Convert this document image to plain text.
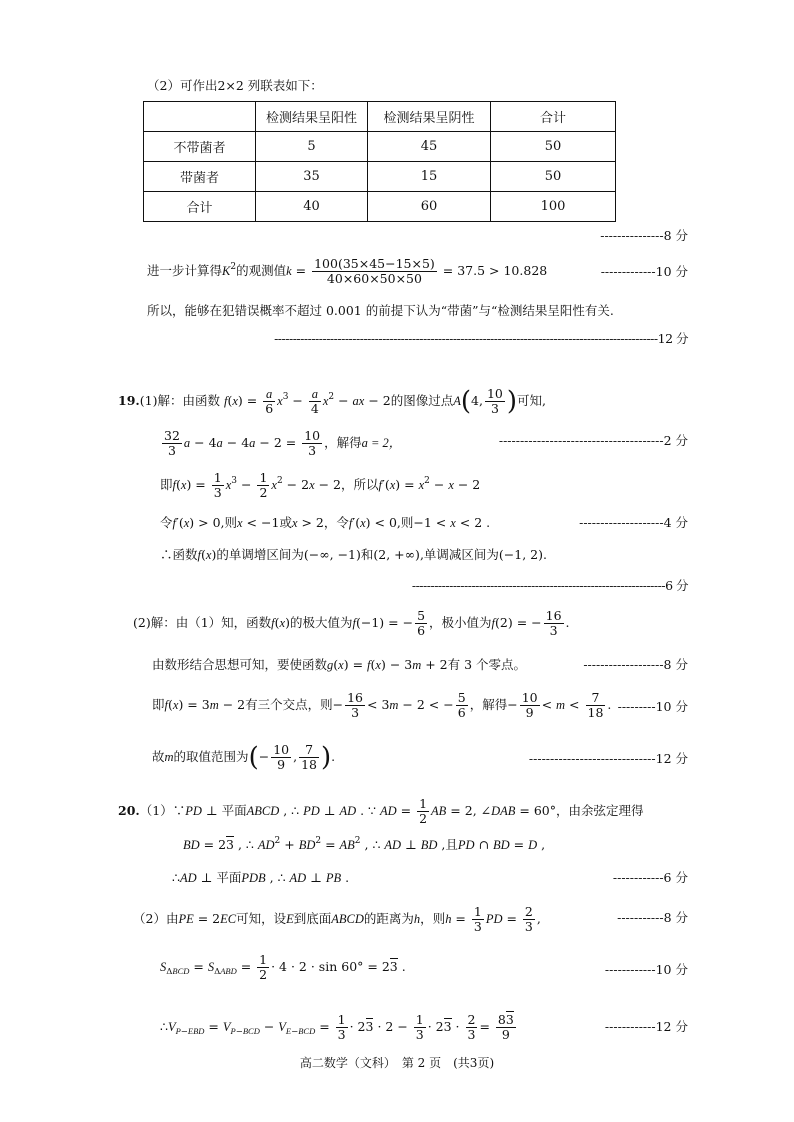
（2）可作出2×2 列联表如下：
	检测结果呈阳性	检测结果呈阴性	合计
不带菌者	5	45	50
带菌者	35	15	50
合计	40	60	100
---------------8 分
进一步计算得$K^2$的观测值$k = \frac{100(35\times 45-15\times 5)}{40\times 60\times 50\times 50} = 37.5 > 10.828$	-------------10 分
所以，能够在犯错误概率不超过 0.001 的前提下认为“带菌”与“检测结果呈阳性有关.
-------------------------------------------------------------------------------------------------------12 分
19.(1)解：由函数 $f(x) = \frac{a}{6} x^3 - \frac{a}{4} x^2$ − ax − 2的图像过点A(4, $\frac{10}{3}$ )可知,
$\frac{32}{3}$ $a - 4a - 4a - 2 = \frac{10}{3}$ ，解得a = 2，	---------------------------------------2 分
即$f(x) = \frac{1}{3} x^3 - \frac{1}{2} x^2 - 2x - 2$，所以$f'(x) = x^2 - x - 2$
令f′(x) > 0,则x < −1或x > 2，令f′(x) < 0,则−1 < x < 2 .	--------------------4 分
∴函数f(x)的单调增区间为(−∞, −1)和(2, +∞),单调减区间为(−1, 2).
--------------------------------------------------------------------6 分
(2)解：由（1）知，函数f(x)的极大值为f(−1) = − $\frac{5}{6}$ ，极小值为f(2) = − $\frac{16}{3}$ .
由数形结合思想可知，要使函数g(x) = f(x) − 3m + 2有 3 个零点。	-------------------8 分
即f(x) = 3m − 2有三个交点，则− $\frac{16}{3} < 3m - 2$ < − $\frac{5}{6}$ ，解得− $\frac{10}{9} < m < \frac{7}{18}$ . ---------10 分
故m的取值范围为(− $\frac{10}{9}$ , $\frac{7}{18}$ ).	------------------------------12 分
20.（1）∵PD ⊥ 平面ABCD , ∴ PD ⊥ AD . ∵ AD = $\frac{1}{2}$ AB = 2, ∠DAB = 60°，由余弦定理得
BD = 23 , ∴ $AD^2 + BD^2 = AB^2$ , ∴ AD ⊥ BD ,且PD ∩ BD = D ,
∴AD ⊥ 平面PDB , ∴ AD ⊥ PB .	------------6 分
（2）由PE = 2EC可知，设E到底面ABCD的距离为h，则$h = \frac{1}{3}$ PD = $\frac{2}{3}$ ,	-----------8 分
$S_{\Delta BCD} = S_{\Delta ABD} = \frac{1}{2} \cdot 4 \cdot 2 \cdot \sin 60^\circ = 23$ .	------------10 分
$\therefore V_{P-EBD} = V_{P-BCD} - V_{E-BCD} = \frac{1}{3} \cdot 23 \cdot 2 - \frac{1}{3} \cdot 23 \cdot \frac{2}{3} = \frac{83}{9}$	------------12 分
高二数学（文科）　第 2 页　(共3页)
